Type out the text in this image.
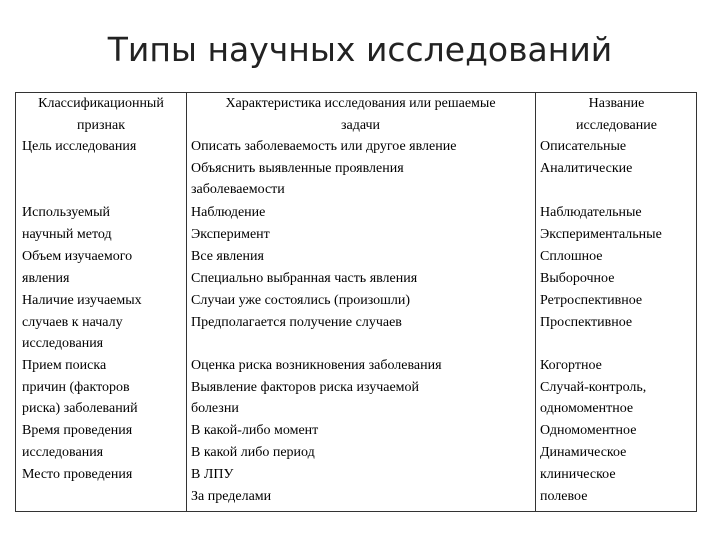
Типы научных исследований
Классификационный
признак
Характеристика исследования или решаемые
задачи
Название
исследование
Цель исследования	Описать заболеваемость или другое явление
Объяснить выявленные проявления
заболеваемости
Описательные
Аналитические
Используемый
научный метод
Наблюдение
Эксперимент
Наблюдательные
Экспериментальные
Объем изучаемого
явления
Все явления
Специально выбранная часть явления
Сплошное
Выборочное
Наличие изучаемых
случаев к началу
исследования
Случаи уже состоялись (произошли)
Предполагается получение случаев
Ретроспективное
Проспективное
Прием поиска
причин (факторов
риска) заболеваний
Оценка риска возникновения заболевания
Выявление факторов риска изучаемой
болезни
Когортное
Случай-контроль,
одномоментное
Время проведения
исследования
В какой-либо момент
В какой либо период
Одномоментное
Динамическое
Место проведения	В ЛПУ
За пределами
клиническое
полевое
